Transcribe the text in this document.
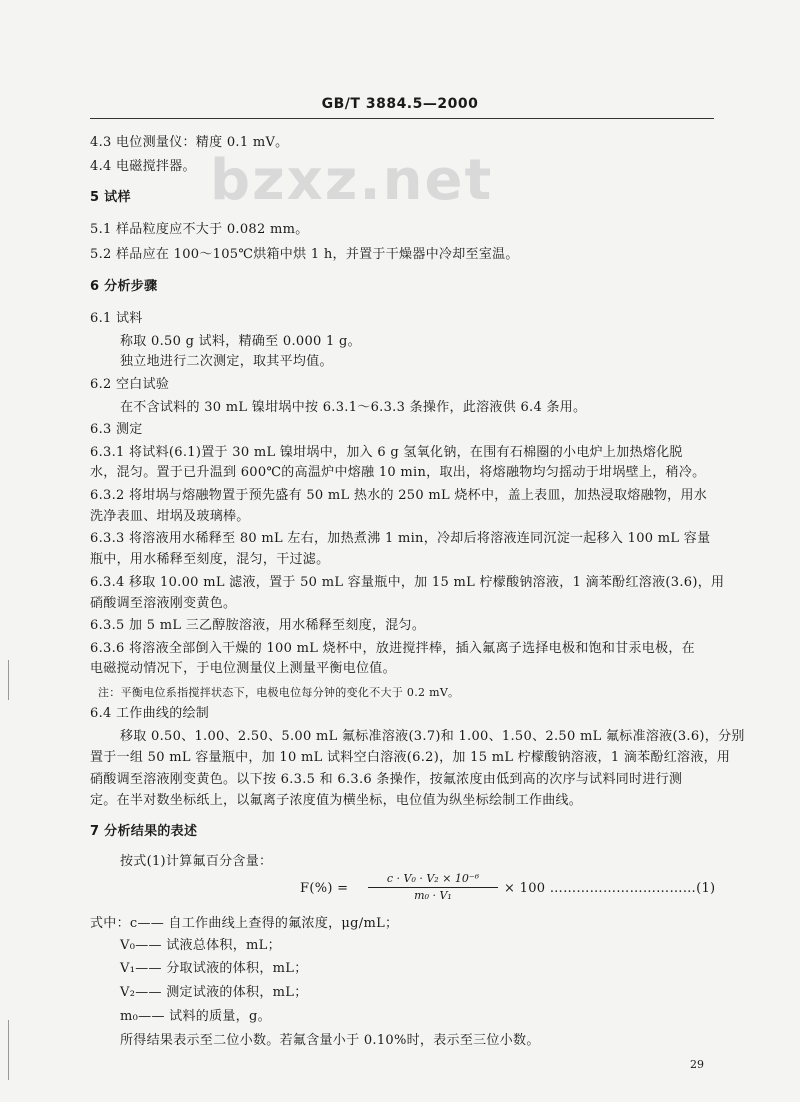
GB/T 3884.5—2000
bzxz.net
4.3 电位测量仪：精度 0.1 mV。
4.4 电磁搅拌器。
5 试样
5.1 样品粒度应不大于 0.082 mm。
5.2 样品应在 100～105℃烘箱中烘 1 h，并置于干燥器中冷却至室温。
6 分析步骤
6.1 试料
称取 0.50 g 试料，精确至 0.000 1 g。
独立地进行二次测定，取其平均值。
6.2 空白试验
在不含试料的 30 mL 镍坩埚中按 6.3.1～6.3.3 条操作，此溶液供 6.4 条用。
6.3 测定
6.3.1 将试料(6.1)置于 30 mL 镍坩埚中，加入 6 g 氢氧化钠，在围有石棉圈的小电炉上加热熔化脱
水，混匀。置于已升温到 600℃的高温炉中熔融 10 min，取出，将熔融物均匀摇动于坩埚壁上，稍冷。
6.3.2 将坩埚与熔融物置于预先盛有 50 mL 热水的 250 mL 烧杯中，盖上表皿，加热浸取熔融物，用水
洗净表皿、坩埚及玻璃棒。
6.3.3 将溶液用水稀释至 80 mL 左右，加热煮沸 1 min，冷却后将溶液连同沉淀一起移入 100 mL 容量
瓶中，用水稀释至刻度，混匀，干过滤。
6.3.4 移取 10.00 mL 滤液，置于 50 mL 容量瓶中，加 15 mL 柠檬酸钠溶液，1 滴苯酚红溶液(3.6)，用
硝酸调至溶液刚变黄色。
6.3.5 加 5 mL 三乙醇胺溶液，用水稀释至刻度，混匀。
6.3.6 将溶液全部倒入干燥的 100 mL 烧杯中，放进搅拌棒，插入氟离子选择电极和饱和甘汞电极，在
电磁搅动情况下，于电位测量仪上测量平衡电位值。
注：平衡电位系指搅拌状态下，电极电位每分钟的变化不大于 0.2 mV。
6.4 工作曲线的绘制
移取 0.50、1.00、2.50、5.00 mL 氟标准溶液(3.7)和 1.00、1.50、2.50 mL 氟标准溶液(3.6)，分别
置于一组 50 mL 容量瓶中，加 10 mL 试料空白溶液(6.2)，加 15 mL 柠檬酸钠溶液，1 滴苯酚红溶液，用
硝酸调至溶液刚变黄色。以下按 6.3.5 和 6.3.6 条操作，按氟浓度由低到高的次序与试料同时进行测
定。在半对数坐标纸上，以氟离子浓度值为横坐标，电位值为纵坐标绘制工作曲线。
7 分析结果的表述
按式(1)计算氟百分含量：
F(%) =
c · V₀ · V₂ × 10⁻⁶
m₀ · V₁	× 100 ……………………………(1)
式中：c—— 自工作曲线上查得的氟浓度，μg/mL；
V₀—— 试液总体积，mL；
V₁—— 分取试液的体积，mL；
V₂—— 测定试液的体积，mL；
m₀—— 试料的质量，g。
所得结果表示至二位小数。若氟含量小于 0.10%时，表示至三位小数。
29
